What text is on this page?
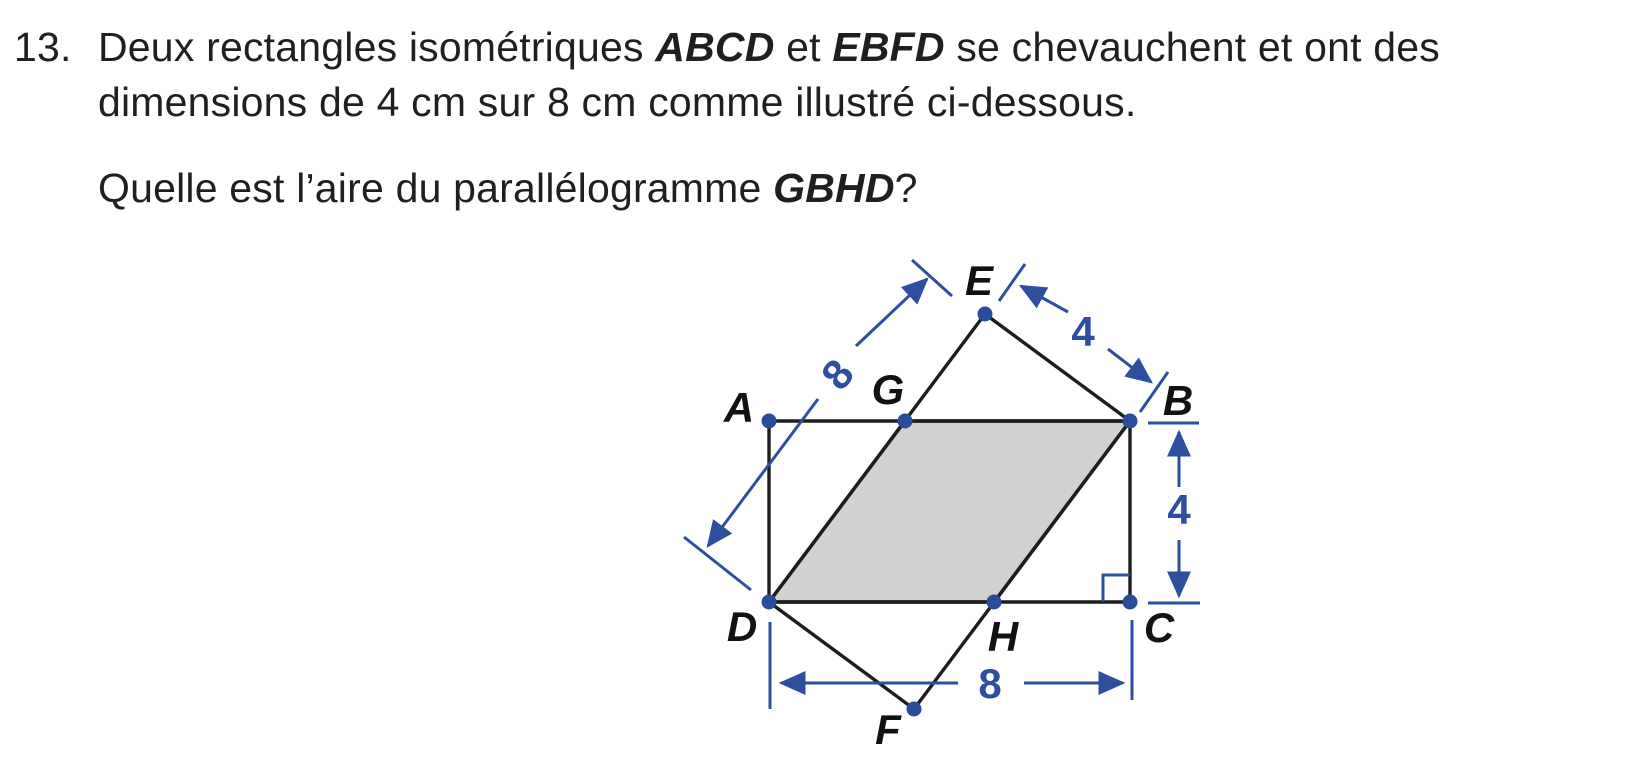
13. Deux rectangles isométriques ABCD et EBFD se chevauchent et ont des
dimensions de 4 cm sur 8 cm comme illustré ci-dessous.
Quelle est l’aire du parallélogramme GBHD?
8
4
4
8
A	B
C
D
E
F
G
H
